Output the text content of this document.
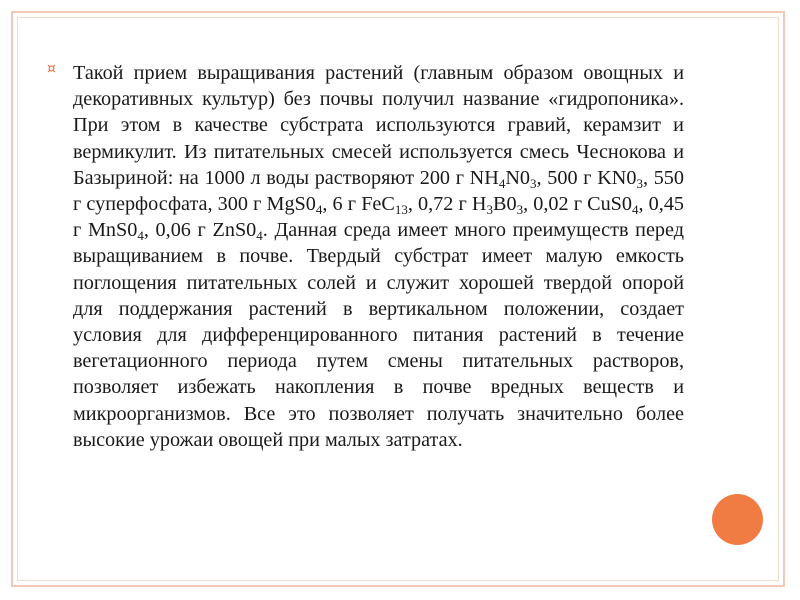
¤ Такой прием выращивания растений (главным образом овощных и декоративных культур) без почвы получил название «гидропоника». При этом в качестве субстрата используются гравий, керамзит и вермикулит. Из питательных смесей используется смесь Чеснокова и Базыриной: на 1000 л воды растворяют 200 г $NH_4N0_3$, 500 г $KN0_3$, 550 г суперфосфата, 300 г $MgS0_4$, 6 г FeC$_{13}$, 0,72 г $H_3B0_3$, 0,02 г $CuS0_4$, 0,45 г $MnS0_4$, 0,06 г $ZnS0_4$. Данная среда имеет много преимуществ перед выращиванием в почве. Твердый субстрат имеет малую емкость поглощения питательных солей и служит хорошей твердой опорой для поддержания растений в вертикальном положении, создает условия для дифференцированного питания растений в течение вегетационного периода путем смены питательных растворов, позволяет избежать накопления в почве вредных веществ и микроорганизмов. Все это позволяет получать значительно более высокие урожаи овощей при малых затратах.
